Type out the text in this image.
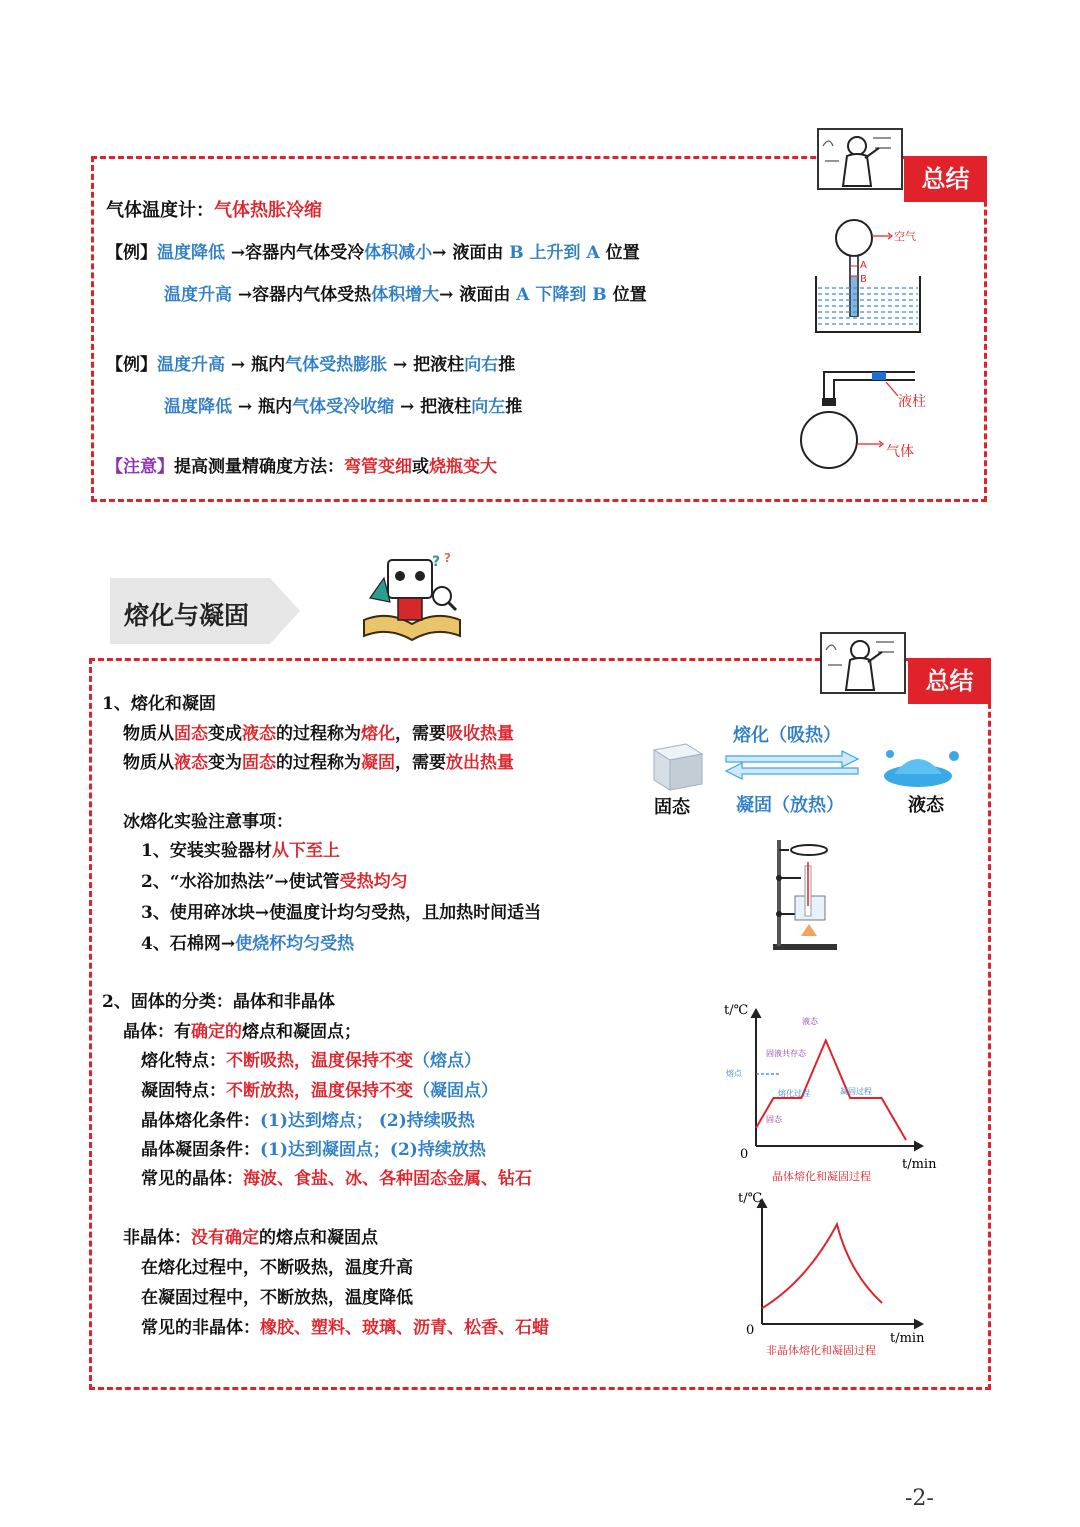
总结
气体温度计：气体热胀冷缩
【例】温度降低 →容器内气体受冷体积减小→ 液面由 B 上升到 A 位置
温度升高 →容器内气体受热体积增大→ 液面由 A 下降到 B 位置
【例】温度升高 → 瓶内气体受热膨胀 → 把液柱向右推
温度降低 → 瓶内气体受冷收缩 → 把液柱向左推
【注意】提高测量精确度方法：弯管变细或烧瓶变大
空气
A
B
液柱
气体
熔化与凝固
? ?
总结
1、熔化和凝固
物质从固态变成液态的过程称为熔化，需要吸收热量
物质从液态变为固态的过程称为凝固，需要放出热量
熔化（吸热）
固态	凝固（放热）	液态
冰熔化实验注意事项：
1、安装实验器材从下至上
2、“水浴加热法”→使试管受热均匀
3、使用碎冰块→使温度计均匀受热，且加热时间适当
4、石棉网→使烧杯均匀受热
2、固体的分类：晶体和非晶体
晶体：有确定的熔点和凝固点；
熔化特点：不断吸热，温度保持不变（熔点）
凝固特点：不断放热，温度保持不变（凝固点）
晶体熔化条件：(1)达到熔点； (2)持续吸热
晶体凝固条件：(1)达到凝固点；(2)持续放热
常见的晶体：海波、食盐、冰、各种固态金属、钻石
非晶体：没有确定的熔点和凝固点
在熔化过程中，不断吸热，温度升高
在凝固过程中，不断放热，温度降低
常见的非晶体：橡胶、塑料、玻璃、沥青、松香、石蜡
t/℃
t/min
0
液态
固液共存态
熔点
熔化过程	凝固过程
固态
晶体熔化和凝固过程
t/℃
t/min
0
非晶体熔化和凝固过程
-2-
